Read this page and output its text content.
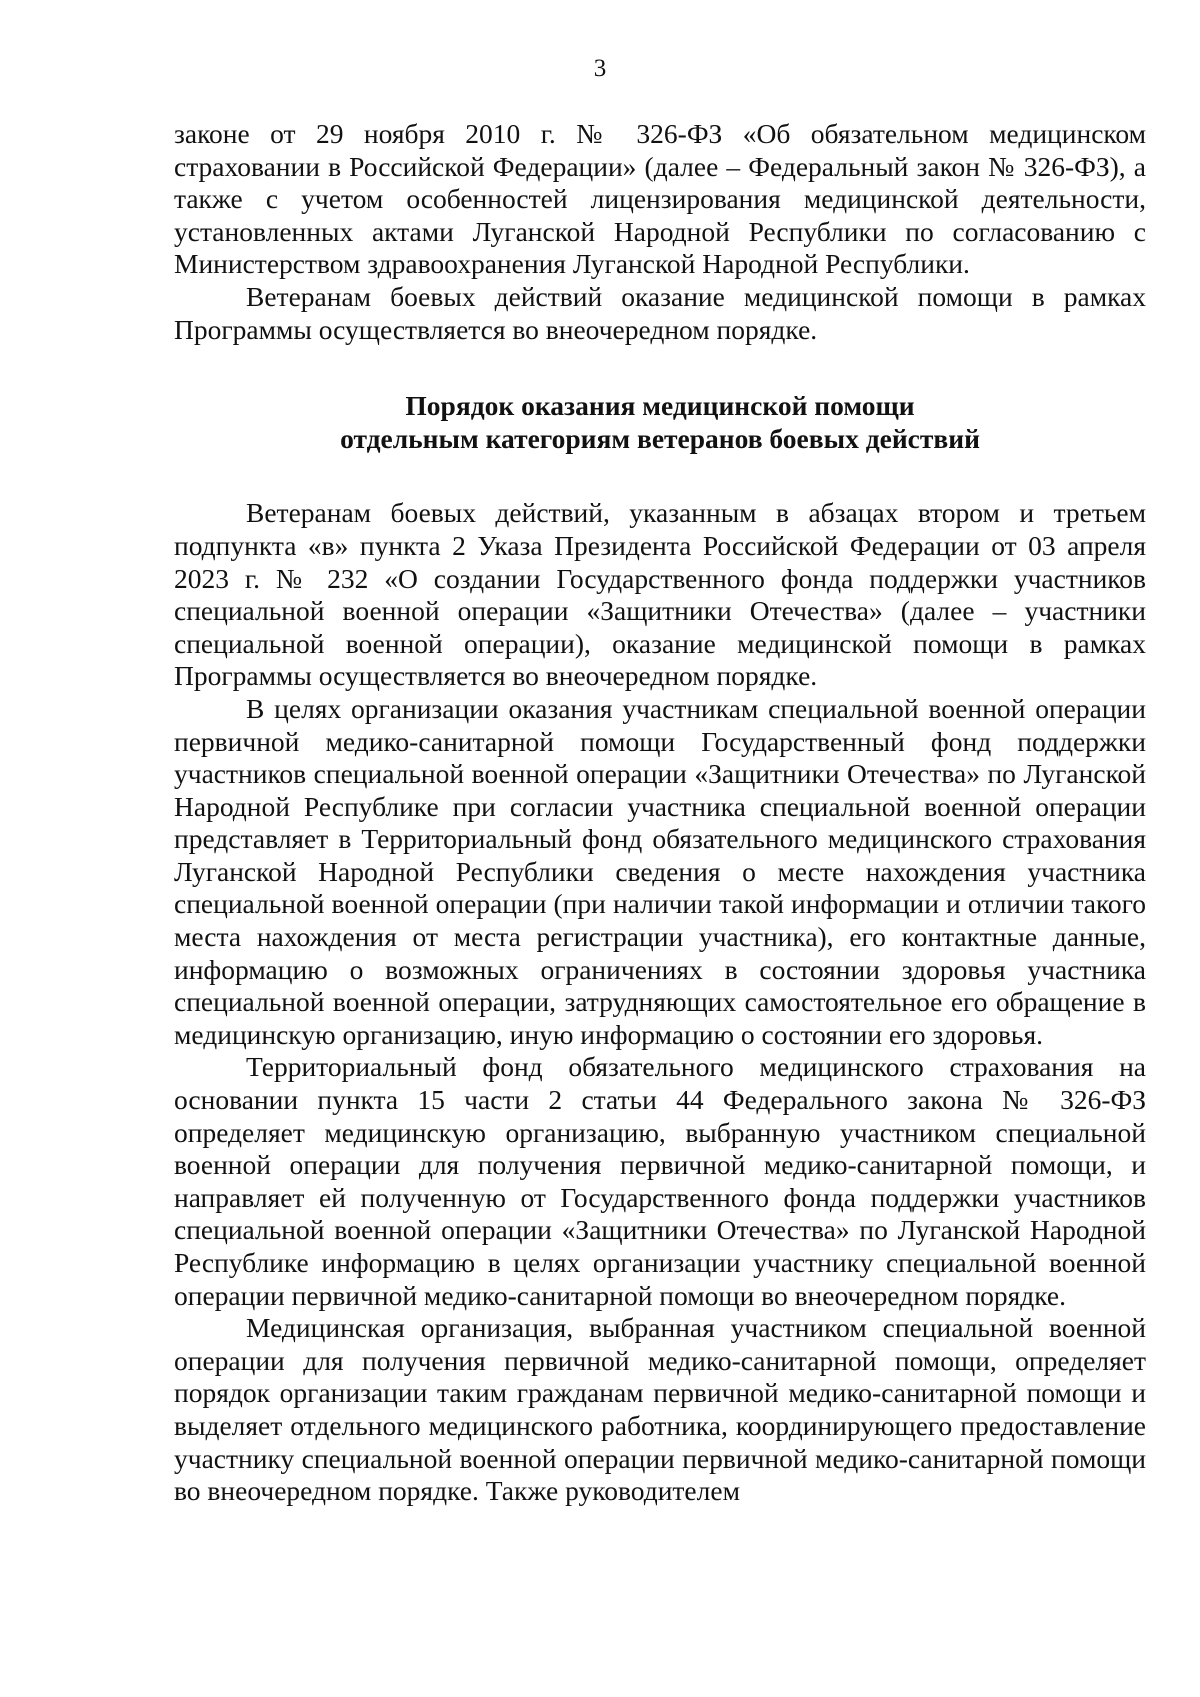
3

законе от 29 ноября 2010 г. № 326-ФЗ «Об обязательном медицинском страховании в Российской Федерации» (далее – Федеральный закон № 326-ФЗ), а также с учетом особенностей лицензирования медицинской деятельности, установленных актами Луганской Народной Республики по согласованию с Министерством здравоохранения Луганской Народной Республики.

Ветеранам боевых действий оказание медицинской помощи в рамках Программы осуществляется во внеочередном порядке.

Порядок оказания медицинской помощи
отдельным категориям ветеранов боевых действий

Ветеранам боевых действий, указанным в абзацах втором и третьем подпункта «в» пункта 2 Указа Президента Российской Федерации от 03 апреля 2023 г. № 232 «О создании Государственного фонда поддержки участников специальной военной операции «Защитники Отечества» (далее – участники специальной военной операции), оказание медицинской помощи в рамках Программы осуществляется во внеочередном порядке.

В целях организации оказания участникам специальной военной операции первичной медико-санитарной помощи Государственный фонд поддержки участников специальной военной операции «Защитники Отечества» по Луганской Народной Республике при согласии участника специальной военной операции представляет в Территориальный фонд обязательного медицинского страхования Луганской Народной Республики сведения о месте нахождения участника специальной военной операции (при наличии такой информации и отличии такого места нахождения от места регистрации участника), его контактные данные, информацию о возможных ограничениях в состоянии здоровья участника специальной военной операции, затрудняющих самостоятельное его обращение в медицинскую организацию, иную информацию о состоянии его здоровья.

Территориальный фонд обязательного медицинского страхования на основании пункта 15 части 2 статьи 44 Федерального закона № 326-ФЗ определяет медицинскую организацию, выбранную участником специальной военной операции для получения первичной медико-санитарной помощи, и направляет ей полученную от Государственного фонда поддержки участников специальной военной операции «Защитники Отечества» по Луганской Народной Республике информацию в целях организации участнику специальной военной операции первичной медико-санитарной помощи во внеочередном порядке.

Медицинская организация, выбранная участником специальной военной операции для получения первичной медико-санитарной помощи, определяет порядок организации таким гражданам первичной медико-санитарной помощи и выделяет отдельного медицинского работника, координирующего предоставление участнику специальной военной операции первичной медико-санитарной помощи во внеочередном порядке. Также руководителем
